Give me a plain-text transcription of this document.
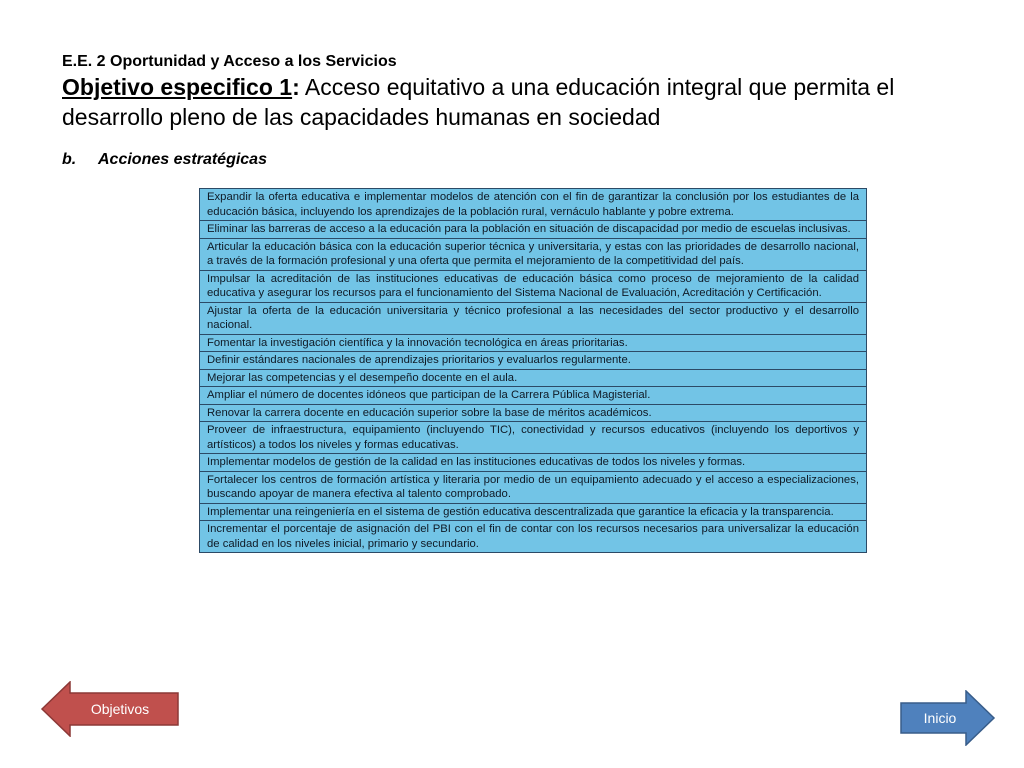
E.E. 2 Oportunidad y Acceso a los Servicios

Objetivo especifico 1: Acceso equitativo a una educación integral que permita el desarrollo pleno de las capacidades humanas en sociedad

b. Acciones estratégicas
Expandir la oferta educativa e implementar modelos de atención con el fin de garantizar la conclusión por los estudiantes de la educación básica, incluyendo los aprendizajes de la población rural, vernáculo hablante y pobre extrema.
Eliminar las barreras de acceso a la educación para la población en situación de discapacidad por medio de escuelas inclusivas.
Articular la educación básica con la educación superior técnica y universitaria, y estas con las prioridades de desarrollo nacional, a través de la formación profesional y una oferta que permita el mejoramiento de la competitividad del país.
Impulsar la acreditación de las instituciones educativas de educación básica como proceso de mejoramiento de la calidad educativa y asegurar los recursos para el funcionamiento del Sistema Nacional de Evaluación, Acreditación y Certificación.
Ajustar la oferta de la educación universitaria y técnico profesional a las necesidades del sector productivo y el desarrollo nacional.
Fomentar la investigación científica y la innovación tecnológica en áreas prioritarias.
Definir estándares nacionales de aprendizajes prioritarios y evaluarlos regularmente.
Mejorar las competencias y el desempeño docente en el aula.
Ampliar el número de docentes idóneos que participan de la Carrera Pública Magisterial.
Renovar la carrera docente en educación superior sobre la base de méritos académicos.
Proveer de infraestructura, equipamiento (incluyendo TIC), conectividad y recursos educativos (incluyendo los deportivos y artísticos) a todos los niveles y formas educativas.
Implementar modelos de gestión de la calidad en las instituciones educativas de todos los niveles y formas.
Fortalecer los centros de formación artística y literaria por medio de un equipamiento adecuado y el acceso a especializaciones, buscando apoyar de manera efectiva al talento comprobado.
Implementar una reingeniería en el sistema de gestión educativa descentralizada que garantice la eficacia y la transparencia.
Incrementar el porcentaje de asignación del PBI con el fin de contar con los recursos necesarios para universalizar la educación de calidad en los niveles inicial, primario y secundario.
Objetivos
Inicio
